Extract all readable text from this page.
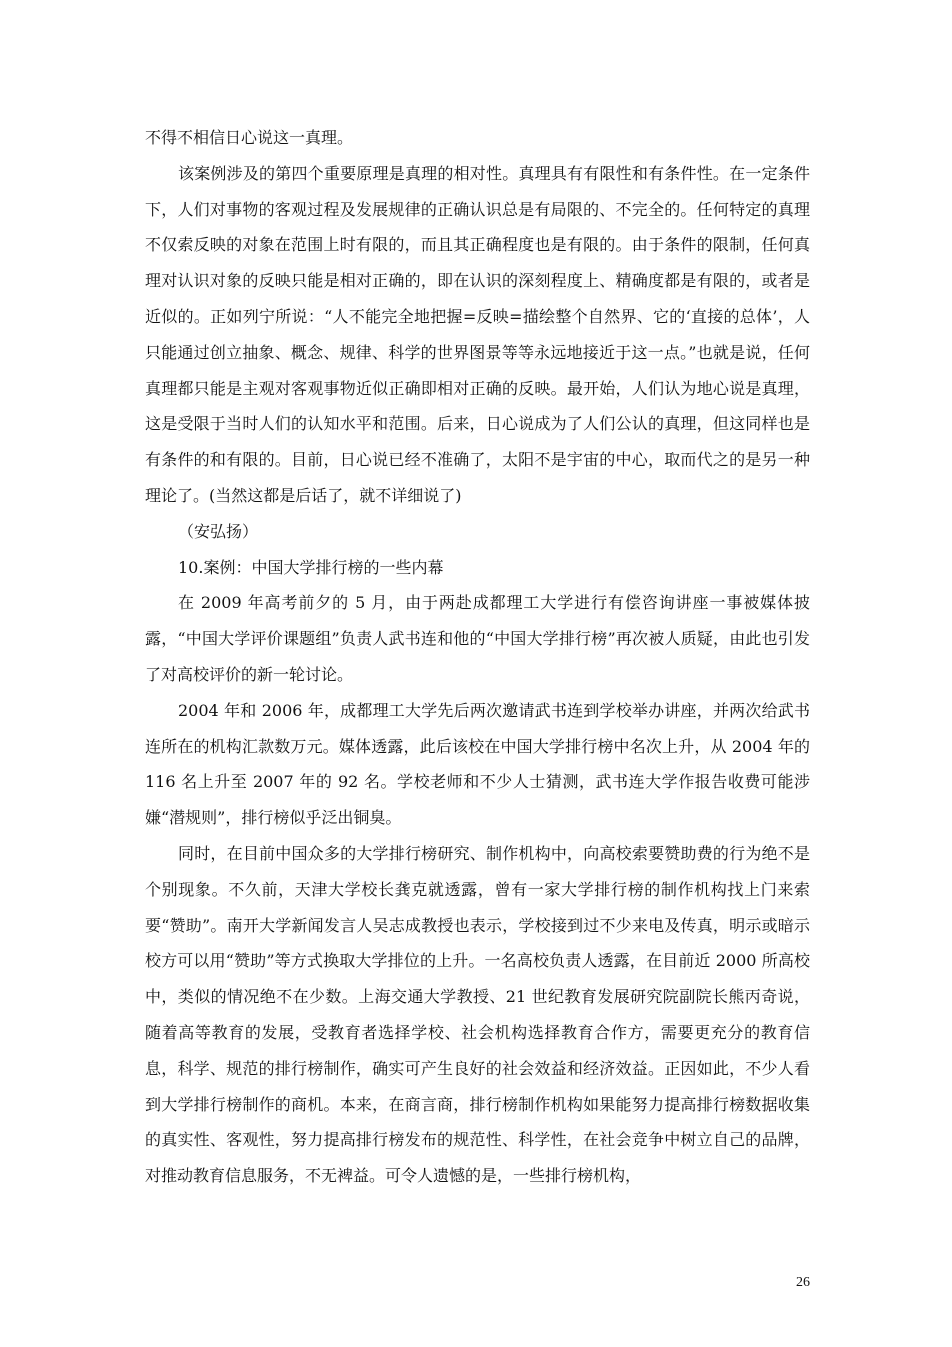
不得不相信日心说这一真理。

该案例涉及的第四个重要原理是真理的相对性。真理具有有限性和有条件性。在一定条件下，人们对事物的客观过程及发展规律的正确认识总是有局限的、不完全的。任何特定的真理不仅索反映的对象在范围上时有限的，而且其正确程度也是有限的。由于条件的限制，任何真理对认识对象的反映只能是相对正确的，即在认识的深刻程度上、精确度都是有限的，或者是近似的。正如列宁所说：“人不能完全地把握=反映=描绘整个自然界、它的‘直接的总体’，人只能通过创立抽象、概念、规律、科学的世界图景等等永远地接近于这一点。”也就是说，任何真理都只能是主观对客观事物近似正确即相对正确的反映。最开始，人们认为地心说是真理，这是受限于当时人们的认知水平和范围。后来，日心说成为了人们公认的真理，但这同样也是有条件的和有限的。目前，日心说已经不准确了，太阳不是宇宙的中心，取而代之的是另一种理论了。(当然这都是后话了，就不详细说了)

（安弘扬）

10.案例：中国大学排行榜的一些内幕

在 2009 年高考前夕的 5 月，由于两赴成都理工大学进行有偿咨询讲座一事被媒体披露，“中国大学评价课题组”负责人武书连和他的“中国大学排行榜”再次被人质疑，由此也引发了对高校评价的新一轮讨论。

2004 年和 2006 年，成都理工大学先后两次邀请武书连到学校举办讲座，并两次给武书连所在的机构汇款数万元。媒体透露，此后该校在中国大学排行榜中名次上升，从 2004 年的 116 名上升至 2007 年的 92 名。学校老师和不少人士猜测，武书连大学作报告收费可能涉嫌“潜规则”，排行榜似乎泛出铜臭。

同时，在目前中国众多的大学排行榜研究、制作机构中，向高校索要赞助费的行为绝不是个别现象。不久前，天津大学校长龚克就透露，曾有一家大学排行榜的制作机构找上门来索要“赞助”。南开大学新闻发言人吴志成教授也表示，学校接到过不少来电及传真，明示或暗示校方可以用“赞助”等方式换取大学排位的上升。一名高校负责人透露，在目前近 2000 所高校中，类似的情况绝不在少数。上海交通大学教授、21 世纪教育发展研究院副院长熊丙奇说，随着高等教育的发展，受教育者选择学校、社会机构选择教育合作方，需要更充分的教育信息，科学、规范的排行榜制作，确实可产生良好的社会效益和经济效益。正因如此，不少人看到大学排行榜制作的商机。本来，在商言商，排行榜制作机构如果能努力提高排行榜数据收集的真实性、客观性，努力提高排行榜发布的规范性、科学性，在社会竞争中树立自己的品牌，对推动教育信息服务，不无裨益。可令人遗憾的是，一些排行榜机构，

26
